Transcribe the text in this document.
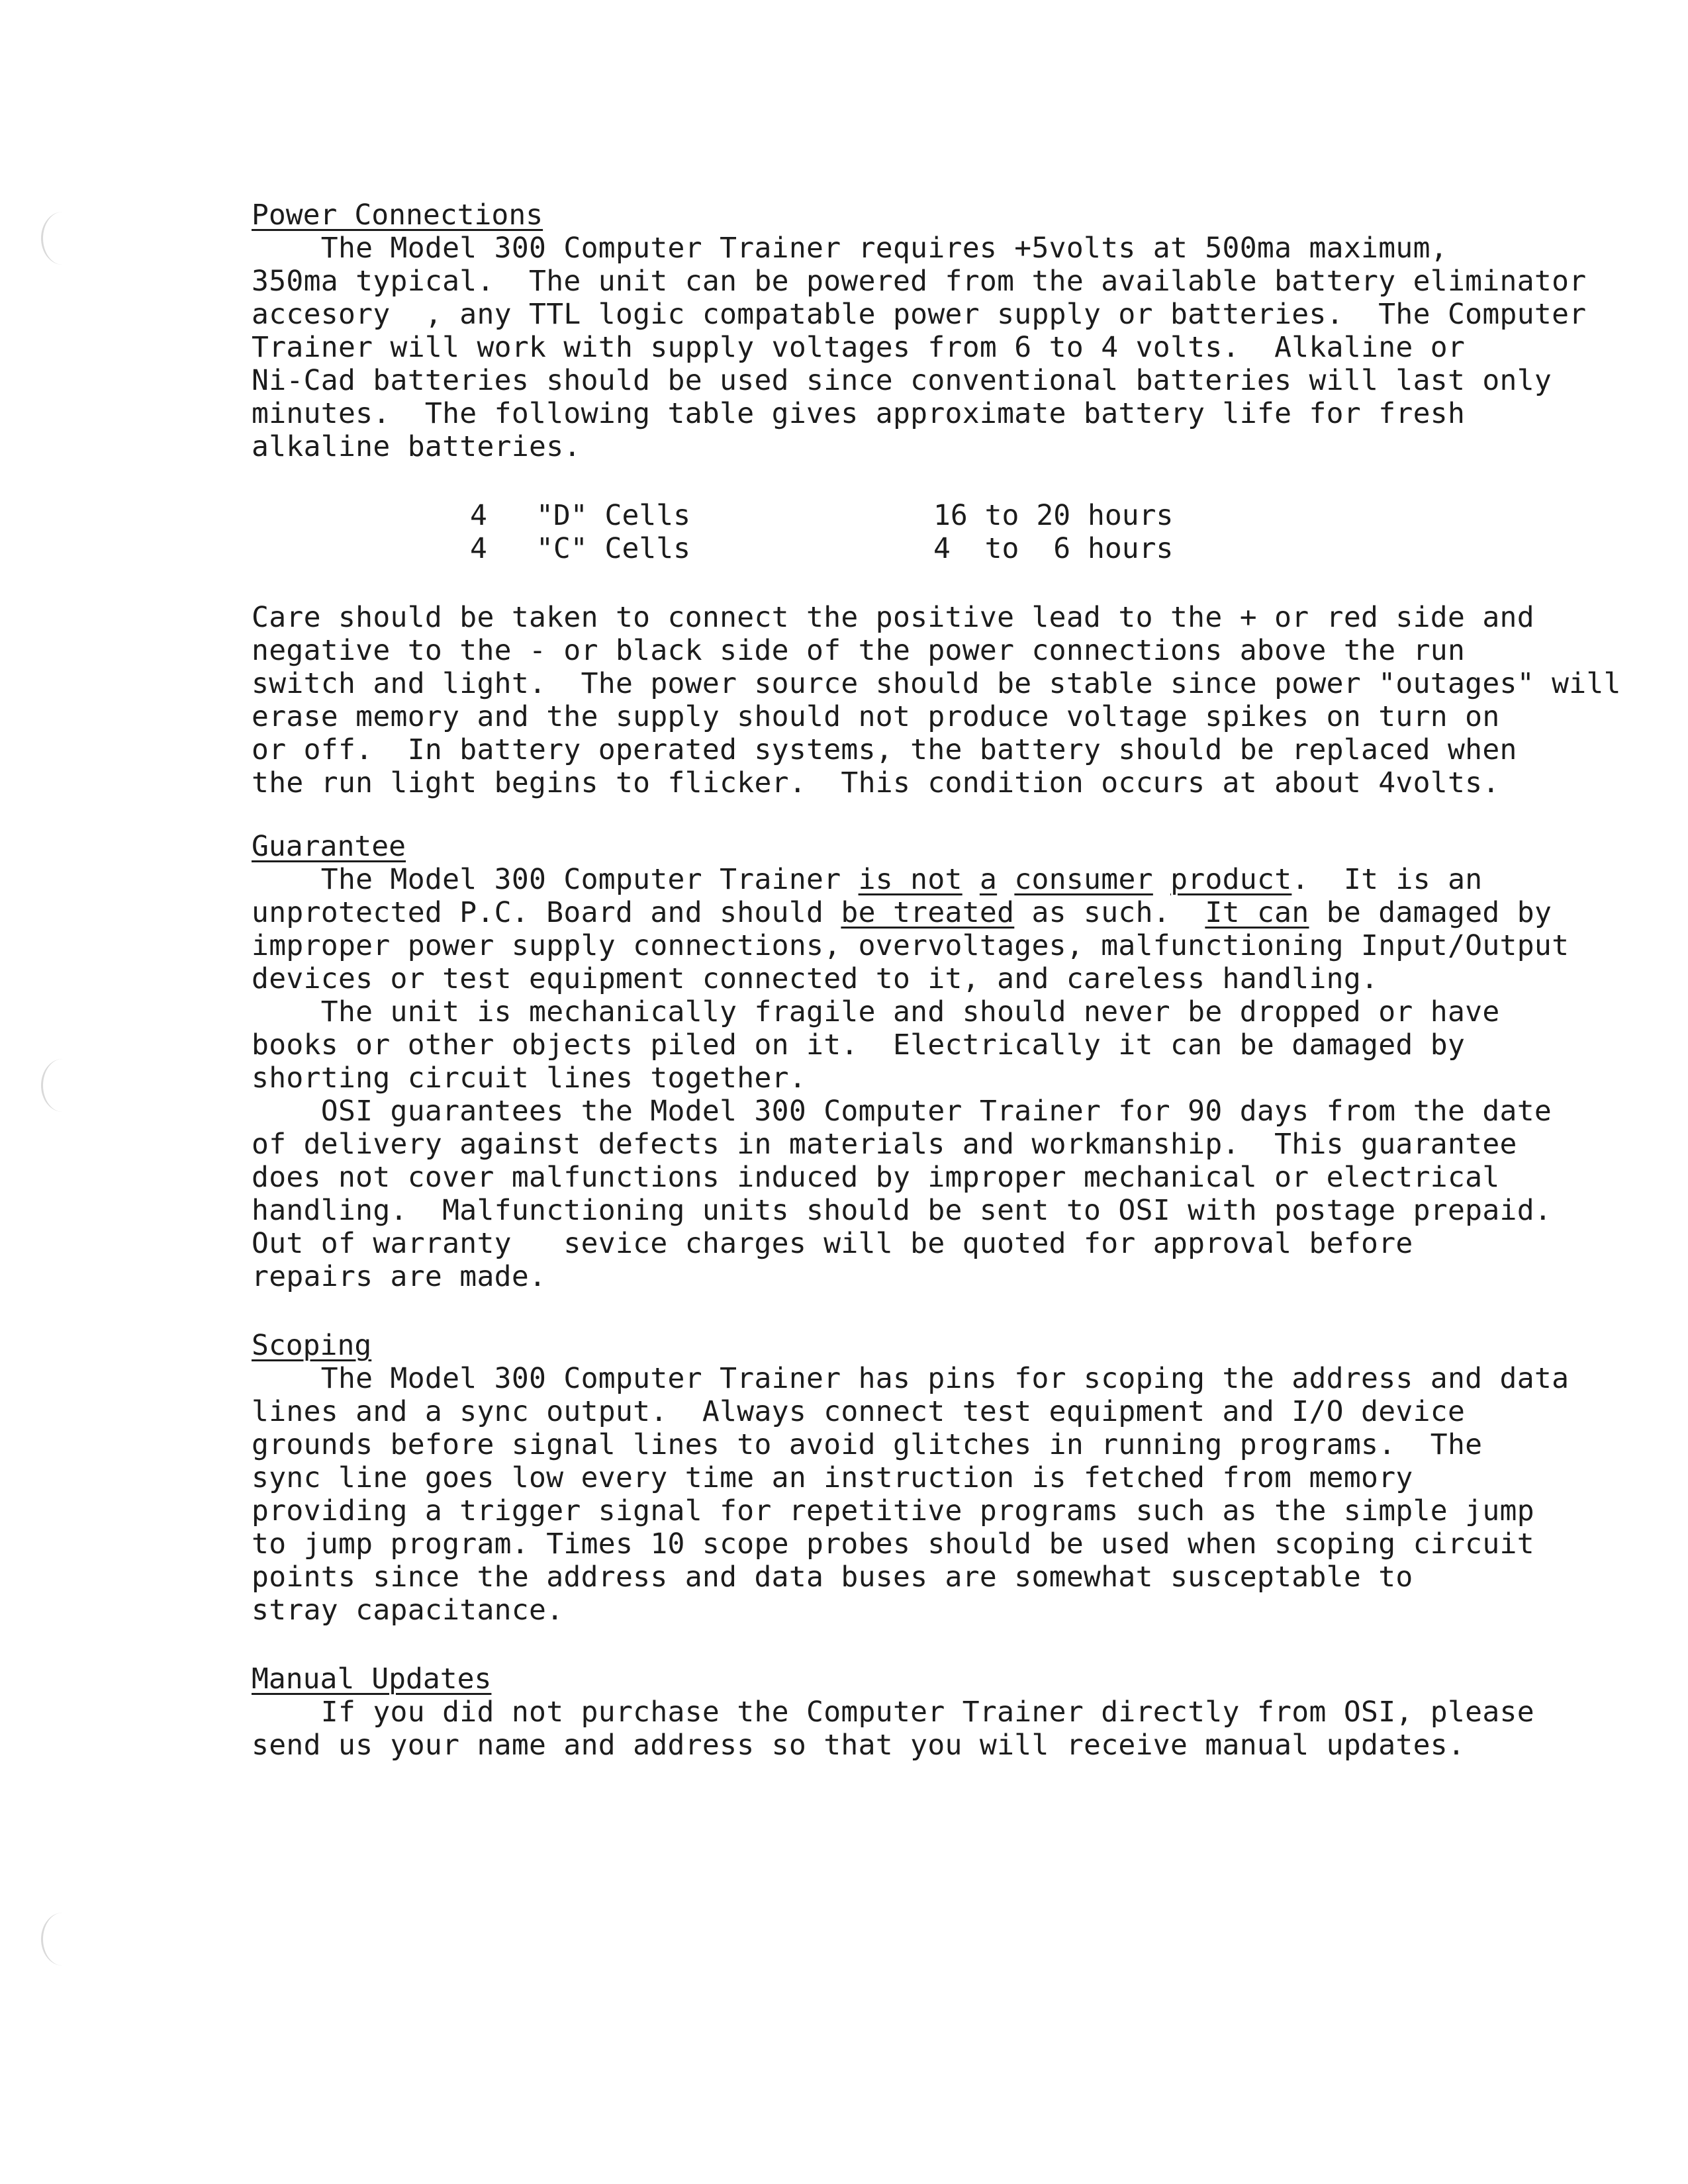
Power Connections
The Model 300 Computer Trainer requires +5volts at 500ma maximum,
350ma typical.  The unit can be powered from the available battery eliminator
accesory  , any TTL logic compatable power supply or batteries.  The Computer
Trainer will work with supply voltages from 6 to 4 volts.  Alkaline or
Ni-Cad batteries should be used since conventional batteries will last only
minutes.  The following table gives approximate battery life for fresh
alkaline batteries.
4	"D" Cells	16 to 20 hours
4	"C" Cells	4  to  6 hours
Care should be taken to connect the positive lead to the + or red side and
negative to the - or black side of the power connections above the run
switch and light.  The power source should be stable since power "outages" will
erase memory and the supply should not produce voltage spikes on turn on
or off.  In battery operated systems, the battery should be replaced when
the run light begins to flicker.  This condition occurs at about 4volts.
Guarantee
The Model 300 Computer Trainer is not a consumer product.  It is an
unprotected P.C. Board and should be treated as such.  It can be damaged by
improper power supply connections, overvoltages, malfunctioning Input/Output
devices or test equipment connected to it, and careless handling.
The unit is mechanically fragile and should never be dropped or have
books or other objects piled on it.  Electrically it can be damaged by
shorting circuit lines together.
OSI guarantees the Model 300 Computer Trainer for 90 days from the date
of delivery against defects in materials and workmanship.  This guarantee
does not cover malfunctions induced by improper mechanical or electrical
handling.  Malfunctioning units should be sent to OSI with postage prepaid.
Out of warranty   sevice charges will be quoted for approval before
repairs are made.
Scoping
The Model 300 Computer Trainer has pins for scoping the address and data
lines and a sync output.  Always connect test equipment and I/O device
grounds before signal lines to avoid glitches in running programs.  The
sync line goes low every time an instruction is fetched from memory
providing a trigger signal for repetitive programs such as the simple jump
to jump program. Times 10 scope probes should be used when scoping circuit
points since the address and data buses are somewhat susceptable to
stray capacitance.
Manual Updates
If you did not purchase the Computer Trainer directly from OSI, please
send us your name and address so that you will receive manual updates.
